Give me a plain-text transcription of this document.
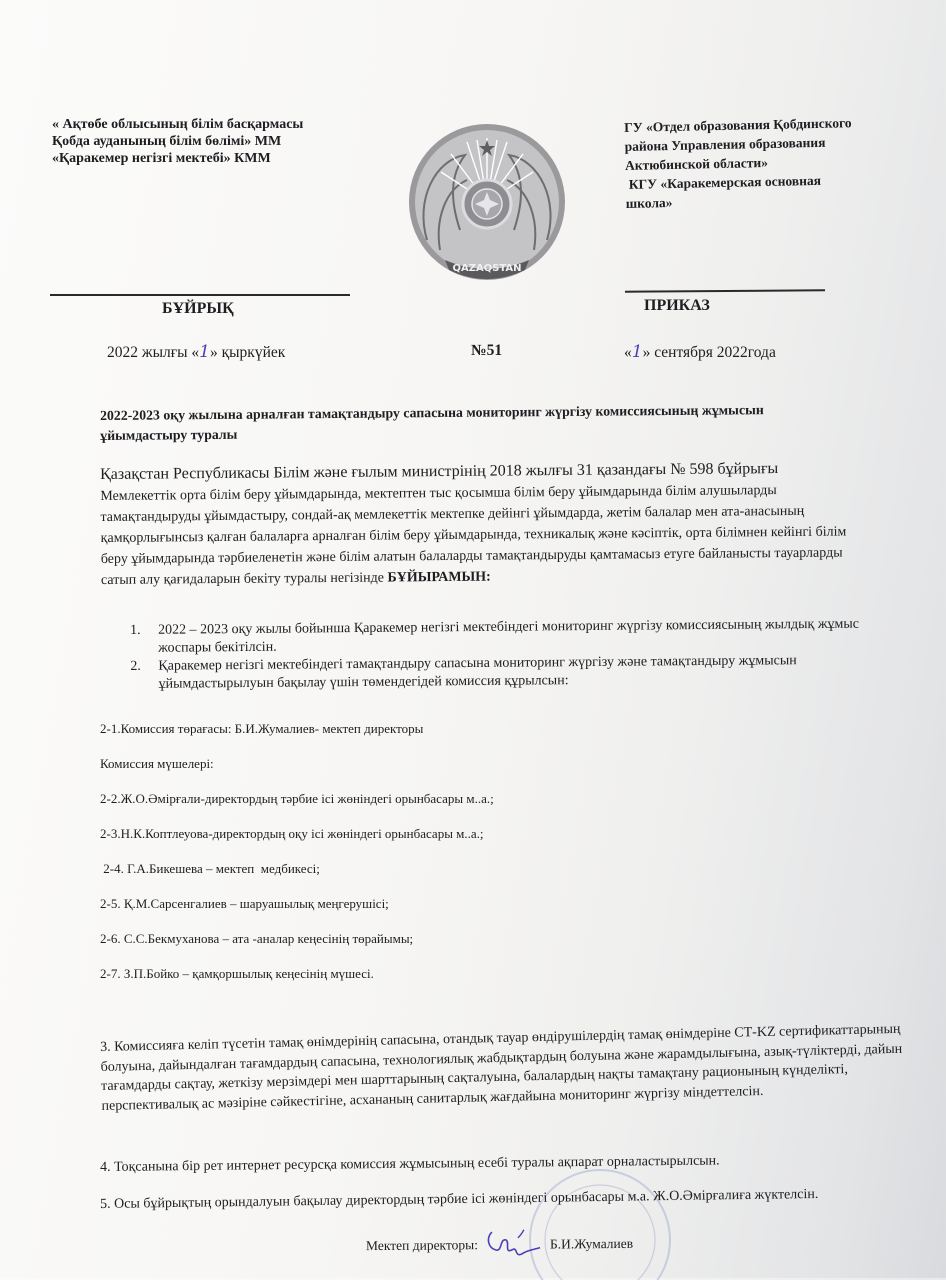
« Ақтөбе облысының білім басқармасы
Қобда ауданының білім бөлімі» ММ
«Қаракемер негізгі мектебі» КММ
QAZAQSTAN
ГУ «Отдел образования Қобдинского
района Управления образования
Актюбинской области»
КГУ «Каракемерская основная
школа»
БҰЙРЫҚ	ПРИКАЗ
2022 жылғы «1» қыркүйек	№51	«1» сентября 2022года
2022-2023 оқу жылына арналған тамақтандыру сапасына мониторинг жүргізу комиссиясының жұмысын ұйымдастыру туралы
Қазақстан Республикасы Білім және ғылым министрінің 2018 жылғы 31 қазандағы № 598 бұйрығы
Мемлекеттік орта білім беру ұйымдарында, мектептен тыс қосымша білім беру ұйымдарында білім алушыларды тамақтандыруды ұйымдастыру, сондай-ақ мемлекеттік мектепке дейінгі ұйымдарда, жетім балалар мен ата-анасының қамқорлығынсыз қалған балаларға арналған білім беру ұйымдарында, техникалық және кәсіптік, орта білімнен кейінгі білім беру ұйымдарында тәрбиеленетін және білім алатын балаларды тамақтандыруды қамтамасыз етуге байланысты тауарларды сатып алу қағидаларын бекіту туралы негізінде БҰЙЫРАМЫН:
1.	2022 – 2023 оқу жылы бойынша Қаракемер негізгі мектебіндегі мониторинг жүргізу комиссиясының жылдық жұмыс жоспары бекітілсін.
2.	Қаракемер негізгі мектебіндегі тамақтандыру сапасына мониторинг жүргізу және тамақтандыру жұмысын ұйымдастырылуын бақылау үшін төмендегідей комиссия құрылсын:
2-1.Комиссия төрағасы: Б.И.Жумалиев- мектеп директоры
Комиссия мүшелері:
2-2.Ж.О.Әмірғали-директордың тәрбие ісі жөніндегі орынбасары м..а.;
2-3.Н.К.Коптлеуова-директордың оқу ісі жөніндегі орынбасары м..а.;
2-4. Г.А.Бикешева – мектеп  медбикесі;
2-5. Қ.М.Сарсенгалиев – шаруашылық меңгерушісі;
2-6. С.С.Бекмуханова – ата -аналар кеңесінің төрайымы;
2-7. З.П.Бойко – қамқоршылық кеңесінің мүшесі.
3. Комиссияға келіп түсетін тамақ өнімдерінің сапасына, отандық тауар өндірушілердің тамақ өнімдеріне СТ-KZ сертификаттарының болуына, дайындалған тағамдардың сапасына, технологиялық жабдықтардың болуына және жарамдылығына, азық-түліктерді, дайын тағамдарды сақтау, жеткізу мерзімдері мен шарттарының сақталуына, балалардың нақты тамақтану рационының күнделікті, перспективалық ас мәзіріне сәйкестігіне, асхананың санитарлық жағдайына мониторинг жүргізу міндеттелсін.
4. Тоқсанына бір рет интернет ресурсқа комиссия жұмысының есебі туралы ақпарат орналастырылсын.
5. Осы бұйрықтың орындалуын бақылау директордың тәрбие ісі жөніндегі орынбасары м.а. Ж.О.Әмірғалиға жүктелсін.
Мектеп директоры:	Б.И.Жумалиев
